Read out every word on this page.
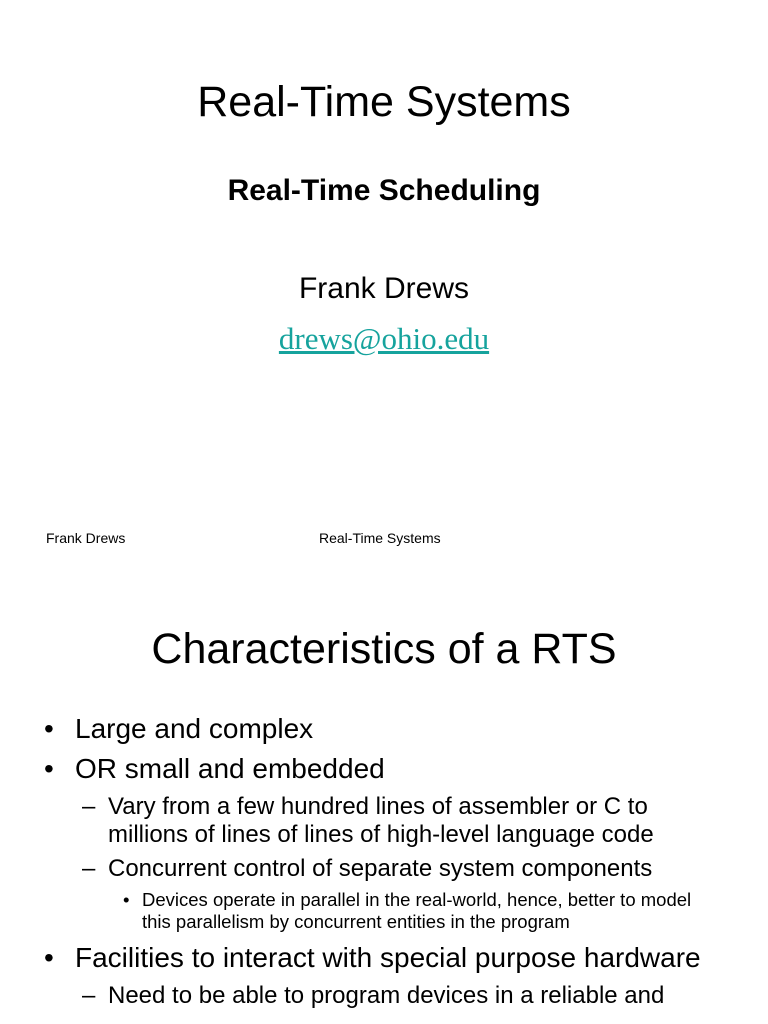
Real-Time Systems
Real-Time Scheduling
Frank Drews
drews@ohio.edu
Frank Drews	Real-Time Systems
Characteristics of a RTS
• Large and complex
• OR small and embedded
– Vary from a few hundred lines of assembler or C to millions of lines of lines of high-level language code
– Concurrent control of separate system components
• Devices operate in parallel in the real-world, hence, better to model this parallelism by concurrent entities in the program
• Facilities to interact with special purpose hardware
– Need to be able to program devices in a reliable and
